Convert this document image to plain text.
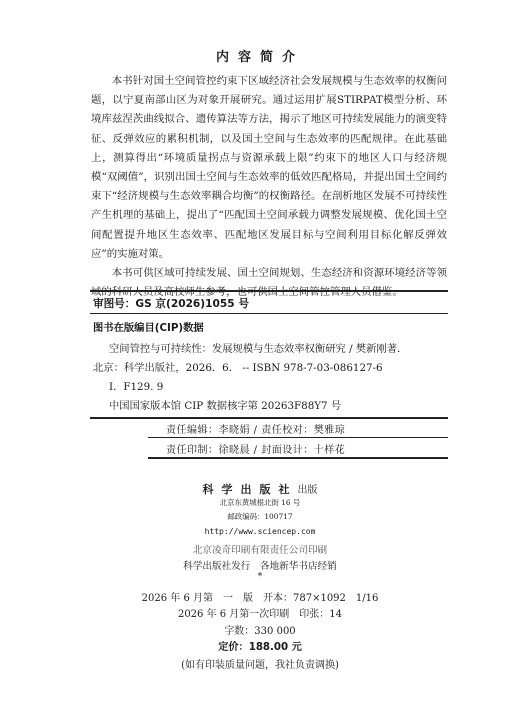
内容简介

本书针对国土空间管控约束下区域经济社会发展规模与生态效率的权衡问题，以宁夏南部山区为对象开展研究。通过运用扩展STIRPAT模型分析、环境库兹涅茨曲线拟合、遗传算法等方法，揭示了地区可持续发展能力的演变特征、反弹效应的累积机制，以及国土空间与生态效率的匹配规律。在此基础上，测算得出“环境质量拐点与资源承载上限”约束下的地区人口与经济规模“双阈值”，识别出国土空间与生态效率的低效匹配格局，并提出国土空间约束下“经济规模与生态效率耦合均衡”的权衡路径。在剖析地区发展不可持续性产生机理的基础上，提出了“匹配国土空间承载力调整发展规模、优化国土空间配置提升地区生态效率、匹配地区发展目标与空间利用目标化解反弹效应”的实施对策。

本书可供区域可持续发展、国土空间规划、生态经济和资源环境经济等领域的科研人员及高校师生参考，也可供国土空间管控管理人员借鉴。

审图号：GS 京(2026)1055 号
图书在版编目(CIP)数据
空间管控与可持续性：发展规模与生态效率权衡研究 / 樊新刚著．
北京：科学出版社，2026．6． -- ISBN 978-7-03-086127-6
Ⅰ．F129. 9
中国国家版本馆 CIP 数据核字第 20263F88Y7 号
责任编辑：李晓娟 / 责任校对：樊雅琼
责任印制：徐晓晨 / 封面设计：十样花
科学出版社出版
北京东黄城根北街 16 号
邮政编码：100717
http://www.sciencep.com
北京凌奇印刷有限责任公司印刷
科学出版社发行　各地新华书店经销
*
2026 年 6 月第　一　版　开本：787×1092　1/16
2026 年 6 月第一次印刷　印张：14
字数：330 000
定价：188.00 元
(如有印装质量问题，我社负责调换)
